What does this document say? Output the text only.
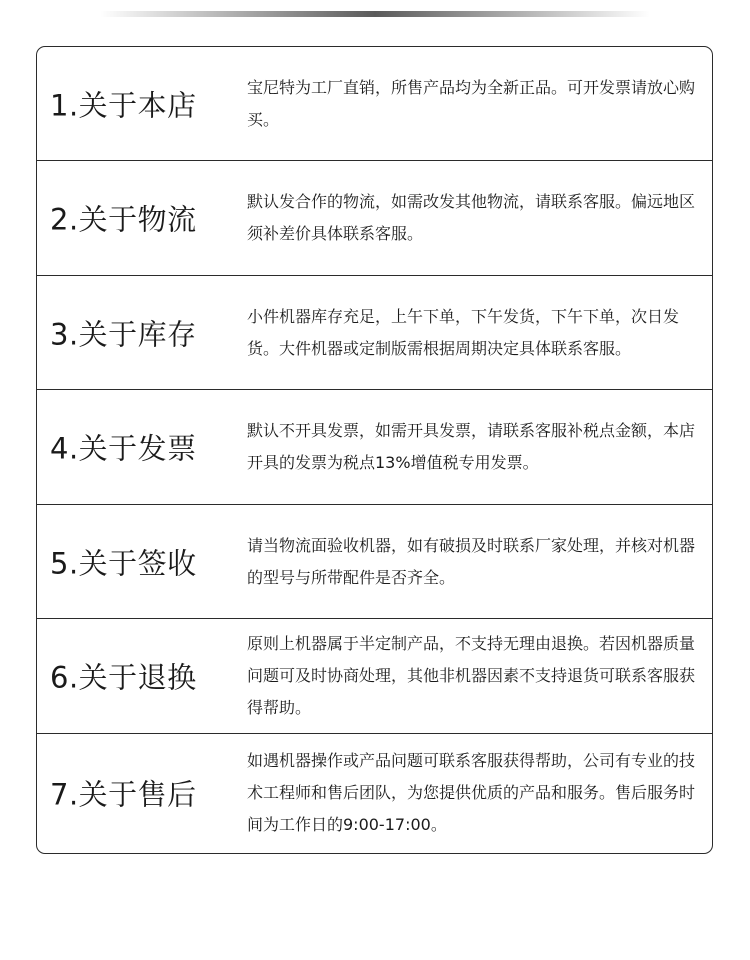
1.关于本店
宝尼特为工厂直销，所售产品均为全新正品。可开发票请放心购买。
2.关于物流
默认发合作的物流，如需改发其他物流，请联系客服。偏远地区须补差价具体联系客服。
3.关于库存
小件机器库存充足，上午下单，下午发货，下午下单，次日发货。大件机器或定制版需根据周期决定具体联系客服。
4.关于发票
默认不开具发票，如需开具发票，请联系客服补税点金额，本店开具的发票为税点13%增值税专用发票。
5.关于签收
请当物流面验收机器，如有破损及时联系厂家处理，并核对机器的型号与所带配件是否齐全。
6.关于退换
原则上机器属于半定制产品，不支持无理由退换。若因机器质量问题可及时协商处理，其他非机器因素不支持退货可联系客服获得帮助。
7.关于售后
如遇机器操作或产品问题可联系客服获得帮助，公司有专业的技术工程师和售后团队，为您提供优质的产品和服务。售后服务时间为工作日的9:00-17:00。
